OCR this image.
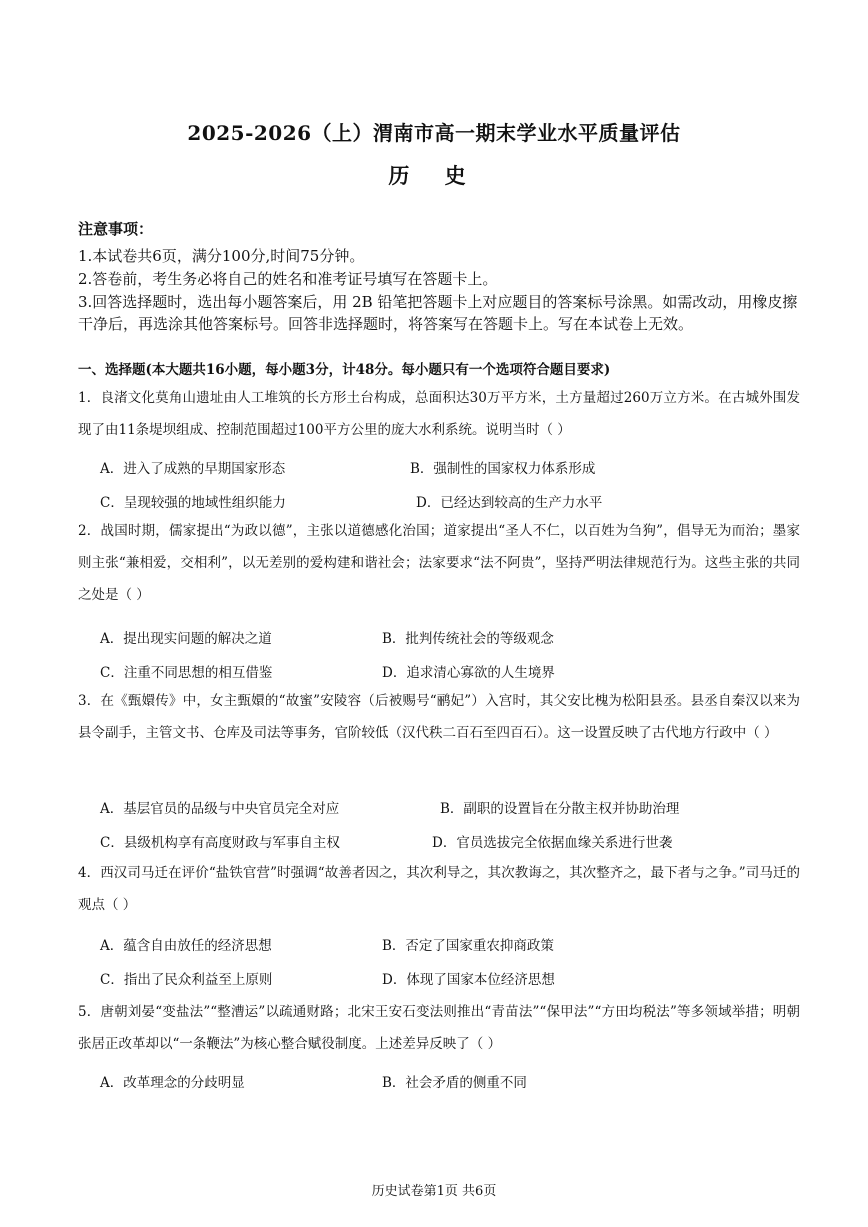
2025-2026（上）渭南市高一期末学业水平质量评估
历 史
注意事项：
1.本试卷共6页，满分100分,时间75分钟。
2.答卷前，考生务必将自己的姓名和准考证号填写在答题卡上。
3.回答选择题时，选出每小题答案后，用 2B 铅笔把答题卡上对应题目的答案标号涂黑。如需改动，用橡皮擦干净后，再选涂其他答案标号。回答非选择题时，将答案写在答题卡上。写在本试卷上无效。
一、选择题(本大题共16小题，每小题3分，计48分。每小题只有一个选项符合题目要求)
1．良渚文化莫角山遗址由人工堆筑的长方形土台构成，总面积达30万平方米，土方量超过260万立方米。在古城外围发现了由11条堤坝组成、控制范围超过100平方公里的庞大水利系统。说明当时（ ）
A．进入了成熟的早期国家形态	B．强制性的国家权力体系形成
C．呈现较强的地域性组织能力	D．已经达到较高的生产力水平
2．战国时期，儒家提出“为政以德”，主张以道德感化治国；道家提出“圣人不仁，以百姓为刍狗”，倡导无为而治；墨家则主张“兼相爱，交相利”，以无差别的爱构建和谐社会；法家要求“法不阿贵”，坚持严明法律规范行为。这些主张的共同之处是（ ）
A．提出现实问题的解决之道	B．批判传统社会的等级观念
C．注重不同思想的相互借鉴	D．追求清心寡欲的人生境界
3．在《甄嬛传》中，女主甄嬛的“故蜜”安陵容（后被赐号“鹂妃”）入宫时，其父安比槐为松阳县丞。县丞自秦汉以来为县令副手，主管文书、仓库及司法等事务，官阶较低（汉代秩二百石至四百石）。这一设置反映了古代地方行政中（ ）
A．基层官员的品级与中央官员完全对应	B．副职的设置旨在分散主权并协助治理
C．县级机构享有高度财政与军事自主权	D．官员选拔完全依据血缘关系进行世袭
4．西汉司马迁在评价“盐铁官营”时强调“故善者因之，其次利导之，其次教诲之，其次整齐之，最下者与之争。”司马迁的观点（ ）
A．蕴含自由放任的经济思想	B．否定了国家重农抑商政策
C．指出了民众利益至上原则	D．体现了国家本位经济思想
5．唐朝刘晏“变盐法”“整漕运”以疏通财路；北宋王安石变法则推出“青苗法”“保甲法”“方田均税法”等多领域举措；明朝张居正改革却以“一条鞭法”为核心整合赋役制度。上述差异反映了（ ）
A．改革理念的分歧明显	B．社会矛盾的侧重不同
历史试卷第1页 共6页
